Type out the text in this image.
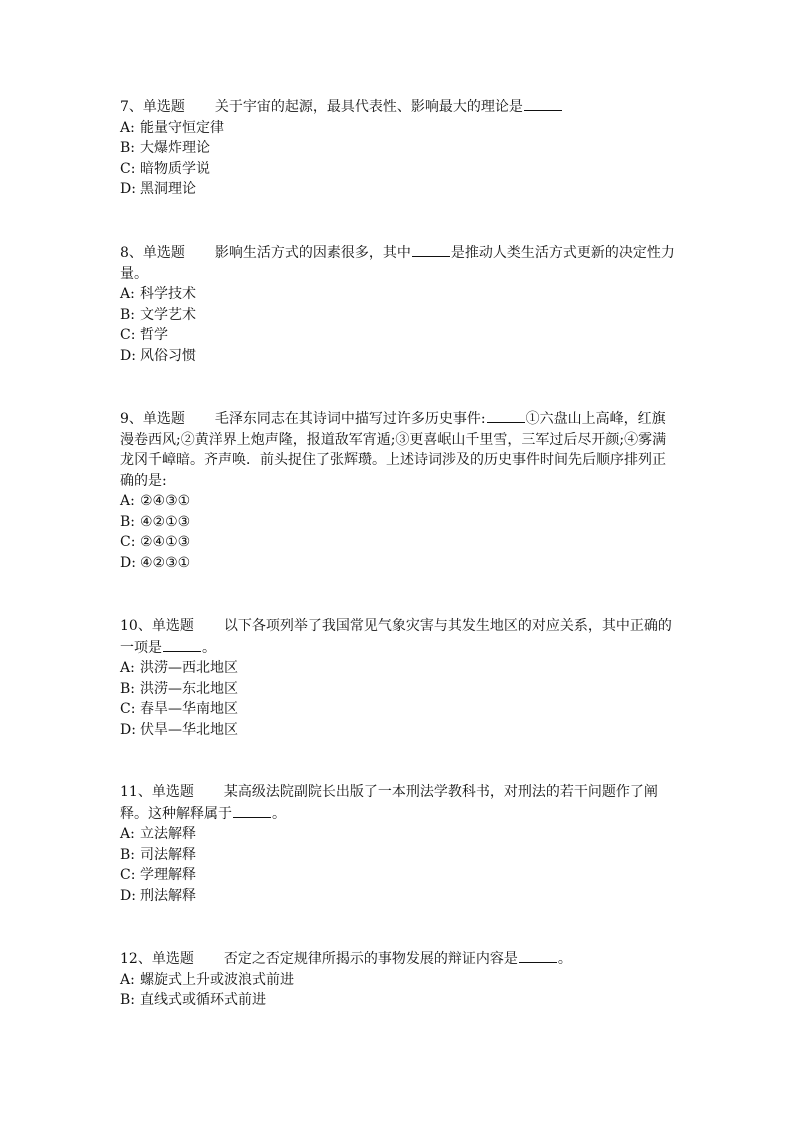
7、单选题 关于宇宙的起源，最具代表性、影响最大的理论是

A: 能量守恒定律
B: 大爆炸理论
C: 暗物质学说
D: 黑洞理论

8、单选题 影响生活方式的因素很多，其中	是推动人类生活方式更新的决定性力量。

A: 科学技术
B: 文学艺术
C: 哲学
D: 风俗习惯

9、单选题 毛泽东同志在其诗词中描写过许多历史事件:	①六盘山上高峰，红旗漫卷西风;②黄洋界上炮声隆，报道敌军宵遁;③更喜岷山千里雪，三军过后尽开颜;④雾满龙冈千嶂暗。齐声唤．前头捉住了张辉瓒。上述诗词涉及的历史事件时间先后顺序排列正确的是:

A: ②④③①
B: ④②①③
C: ②④①③
D: ④②③①

10、单选题 以下各项列举了我国常见气象灾害与其发生地区的对应关系，其中正确的一项是	。

A: 洪涝—西北地区
B: 洪涝—东北地区
C: 春旱—华南地区
D: 伏旱—华北地区

11、单选题 某高级法院副院长出版了一本刑法学教科书，对刑法的若干问题作了阐释。这种解释属于	。

A: 立法解释
B: 司法解释
C: 学理解释
D: 刑法解释

12、单选题 否定之否定规律所揭示的事物发展的辩证内容是	。

A: 螺旋式上升或波浪式前进
B: 直线式或循环式前进
